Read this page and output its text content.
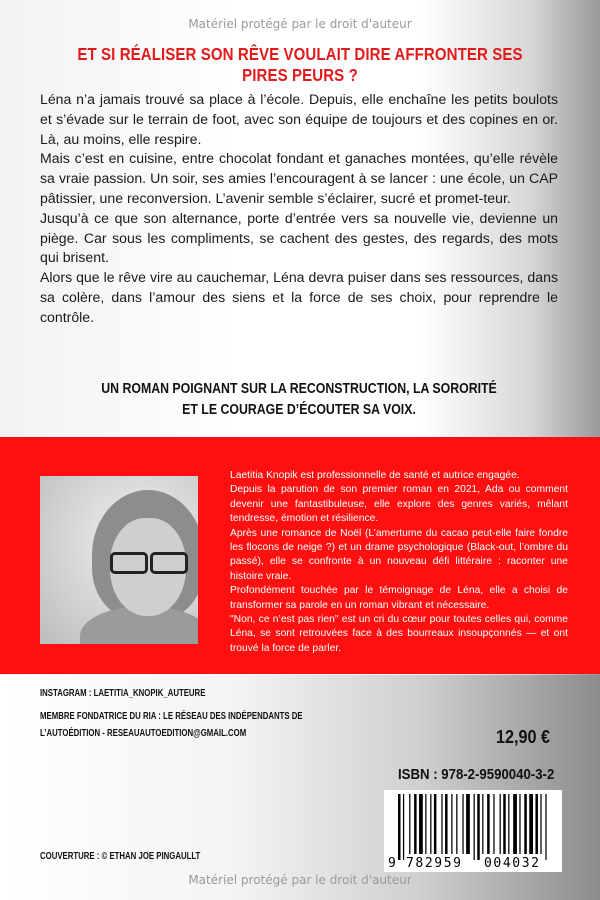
Matériel protégé par le droit d'auteur
ET SI RÉALISER SON RÊVE VOULAIT DIRE AFFRONTER SES PIRES PEURS ?

Léna n’a jamais trouvé sa place à l’école. Depuis, elle enchaîne les petits boulots et s’évade sur le terrain de foot, avec son équipe de toujours et des copines en or. Là, au moins, elle respire.

Mais c’est en cuisine, entre chocolat fondant et ganaches montées, qu’elle révèle sa vraie passion. Un soir, ses amies l’encouragent à se lancer : une école, un CAP pâtissier, une reconversion. L’avenir semble s’éclairer, sucré et promet-teur.

Jusqu’à ce que son alternance, porte d’entrée vers sa nouvelle vie, devienne un piège. Car sous les compliments, se cachent des gestes, des regards, des mots qui brisent.

Alors que le rêve vire au cauchemar, Léna devra puiser dans ses ressources, dans sa colère, dans l’amour des siens et la force de ses choix, pour reprendre le contrôle.

UN ROMAN POIGNANT SUR LA RECONSTRUCTION, LA SORORITÉ
ET LE COURAGE D’ÉCOUTER SA VOIX.

Laetitia Knopik est professionnelle de santé et autrice engagée.

Depuis la parution de son premier roman en 2021, Ada ou comment devenir une fantastibuleuse, elle explore des genres variés, mêlant tendresse, émotion et résilience.

Après une romance de Noël (L’amertume du cacao peut-elle faire fondre les flocons de neige ?) et un drame psychologique (Black-out, l’ombre du passé), elle se confronte à un nouveau défi littéraire : raconter une histoire vraie.

Profondément touchée par le témoignage de Léna, elle a choisi de transformer sa parole en un roman vibrant et nécessaire.

"Non, ce n’est pas rien" est un cri du cœur pour toutes celles qui, comme Léna, se sont retrouvées face à des bourreaux insoupçonnés — et ont trouvé la force de parler.

INSTAGRAM : LAETITIA_KNOPIK_AUTEURE
MEMBRE FONDATRICE DU RIA : LE RÉSEAU DES INDÉPENDANTS DE
L’AUTOÉDITION - RESEAUAUTOEDITION@GMAIL.COM
COUVERTURE : © ETHAN JOE PINGAULLT
12,90 €
ISBN : 978-2-9590040-3-2
9 782959 004032
Matériel protégé par le droit d'auteur
